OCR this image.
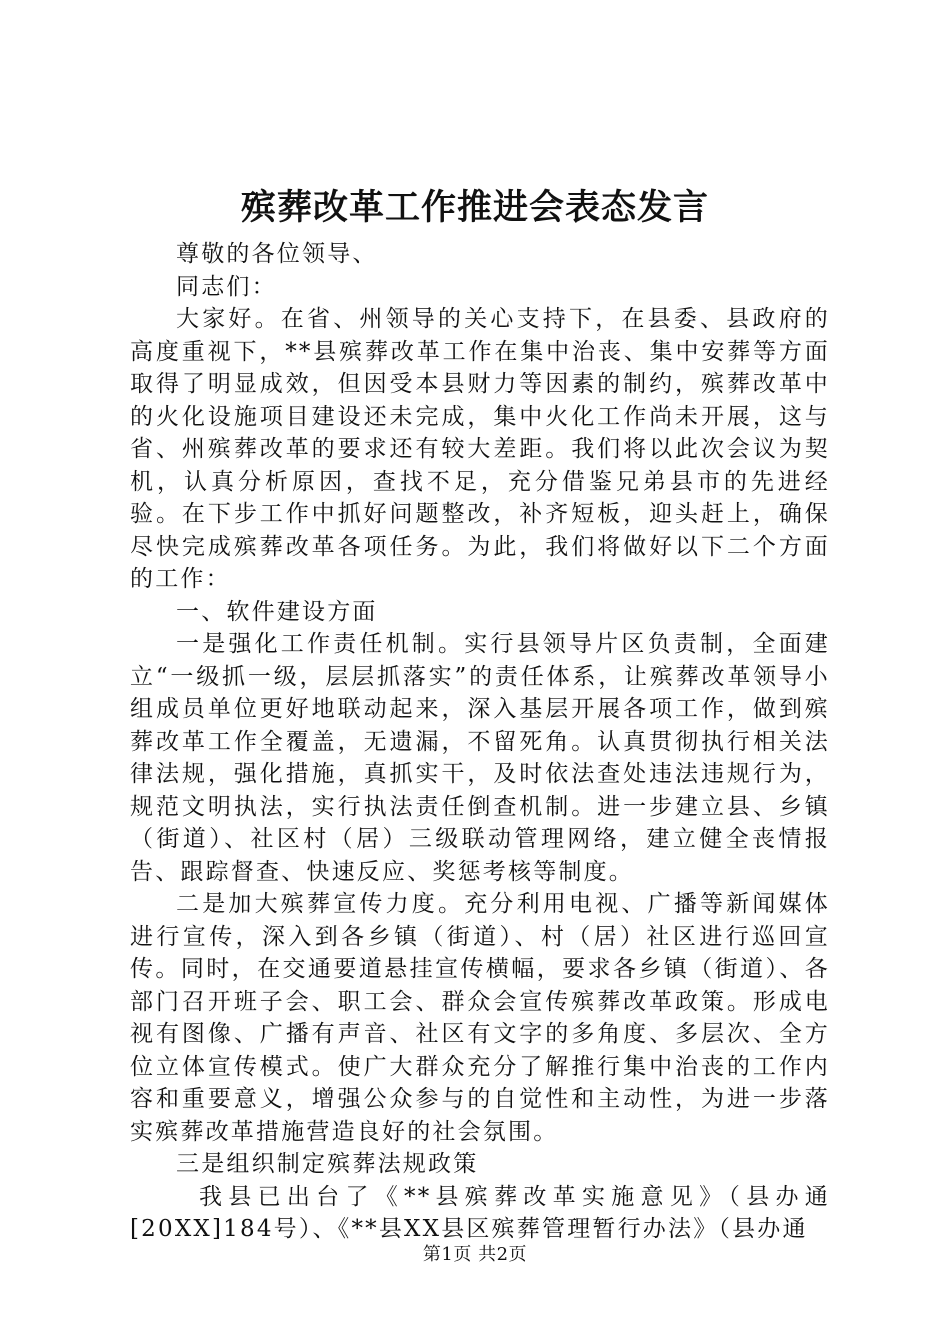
殡葬改革工作推进会表态发言

尊敬的各位领导、

同志们：

大家好。在省、州领导的关心支持下，在县委、县政府的高度重视下，**县殡葬改革工作在集中治丧、集中安葬等方面取得了明显成效，但因受本县财力等因素的制约，殡葬改革中的火化设施项目建设还未完成，集中火化工作尚未开展，这与省、州殡葬改革的要求还有较大差距。我们将以此次会议为契机，认真分析原因，查找不足，充分借鉴兄弟县市的先进经验。在下步工作中抓好问题整改，补齐短板，迎头赶上，确保尽快完成殡葬改革各项任务。为此，我们将做好以下二个方面的工作：

一、软件建设方面

一是强化工作责任机制。实行县领导片区负责制，全面建立“一级抓一级，层层抓落实”的责任体系，让殡葬改革领导小组成员单位更好地联动起来，深入基层开展各项工作，做到殡葬改革工作全覆盖，无遗漏，不留死角。认真贯彻执行相关法律法规，强化措施，真抓实干，及时依法查处违法违规行为，规范文明执法，实行执法责任倒查机制。进一步建立县、乡镇（街道）、社区村（居）三级联动管理网络，建立健全丧情报告、跟踪督查、快速反应、奖惩考核等制度。

二是加大殡葬宣传力度。充分利用电视、广播等新闻媒体进行宣传，深入到各乡镇（街道）、村（居）社区进行巡回宣传。同时，在交通要道悬挂宣传横幅，要求各乡镇（街道）、各部门召开班子会、职工会、群众会宣传殡葬改革政策。形成电视有图像、广播有声音、社区有文字的多角度、多层次、全方位立体宣传模式。使广大群众充分了解推行集中治丧的工作内容和重要意义，增强公众参与的自觉性和主动性，为进一步落实殡葬改革措施营造良好的社会氛围。

三是组织制定殡葬法规政策

我县已出台了《**县殡葬改革实施意见》（县办通[20XX]184号）、《**县XX县区殡葬管理暂行办法》（县办通

第1页 共2页
